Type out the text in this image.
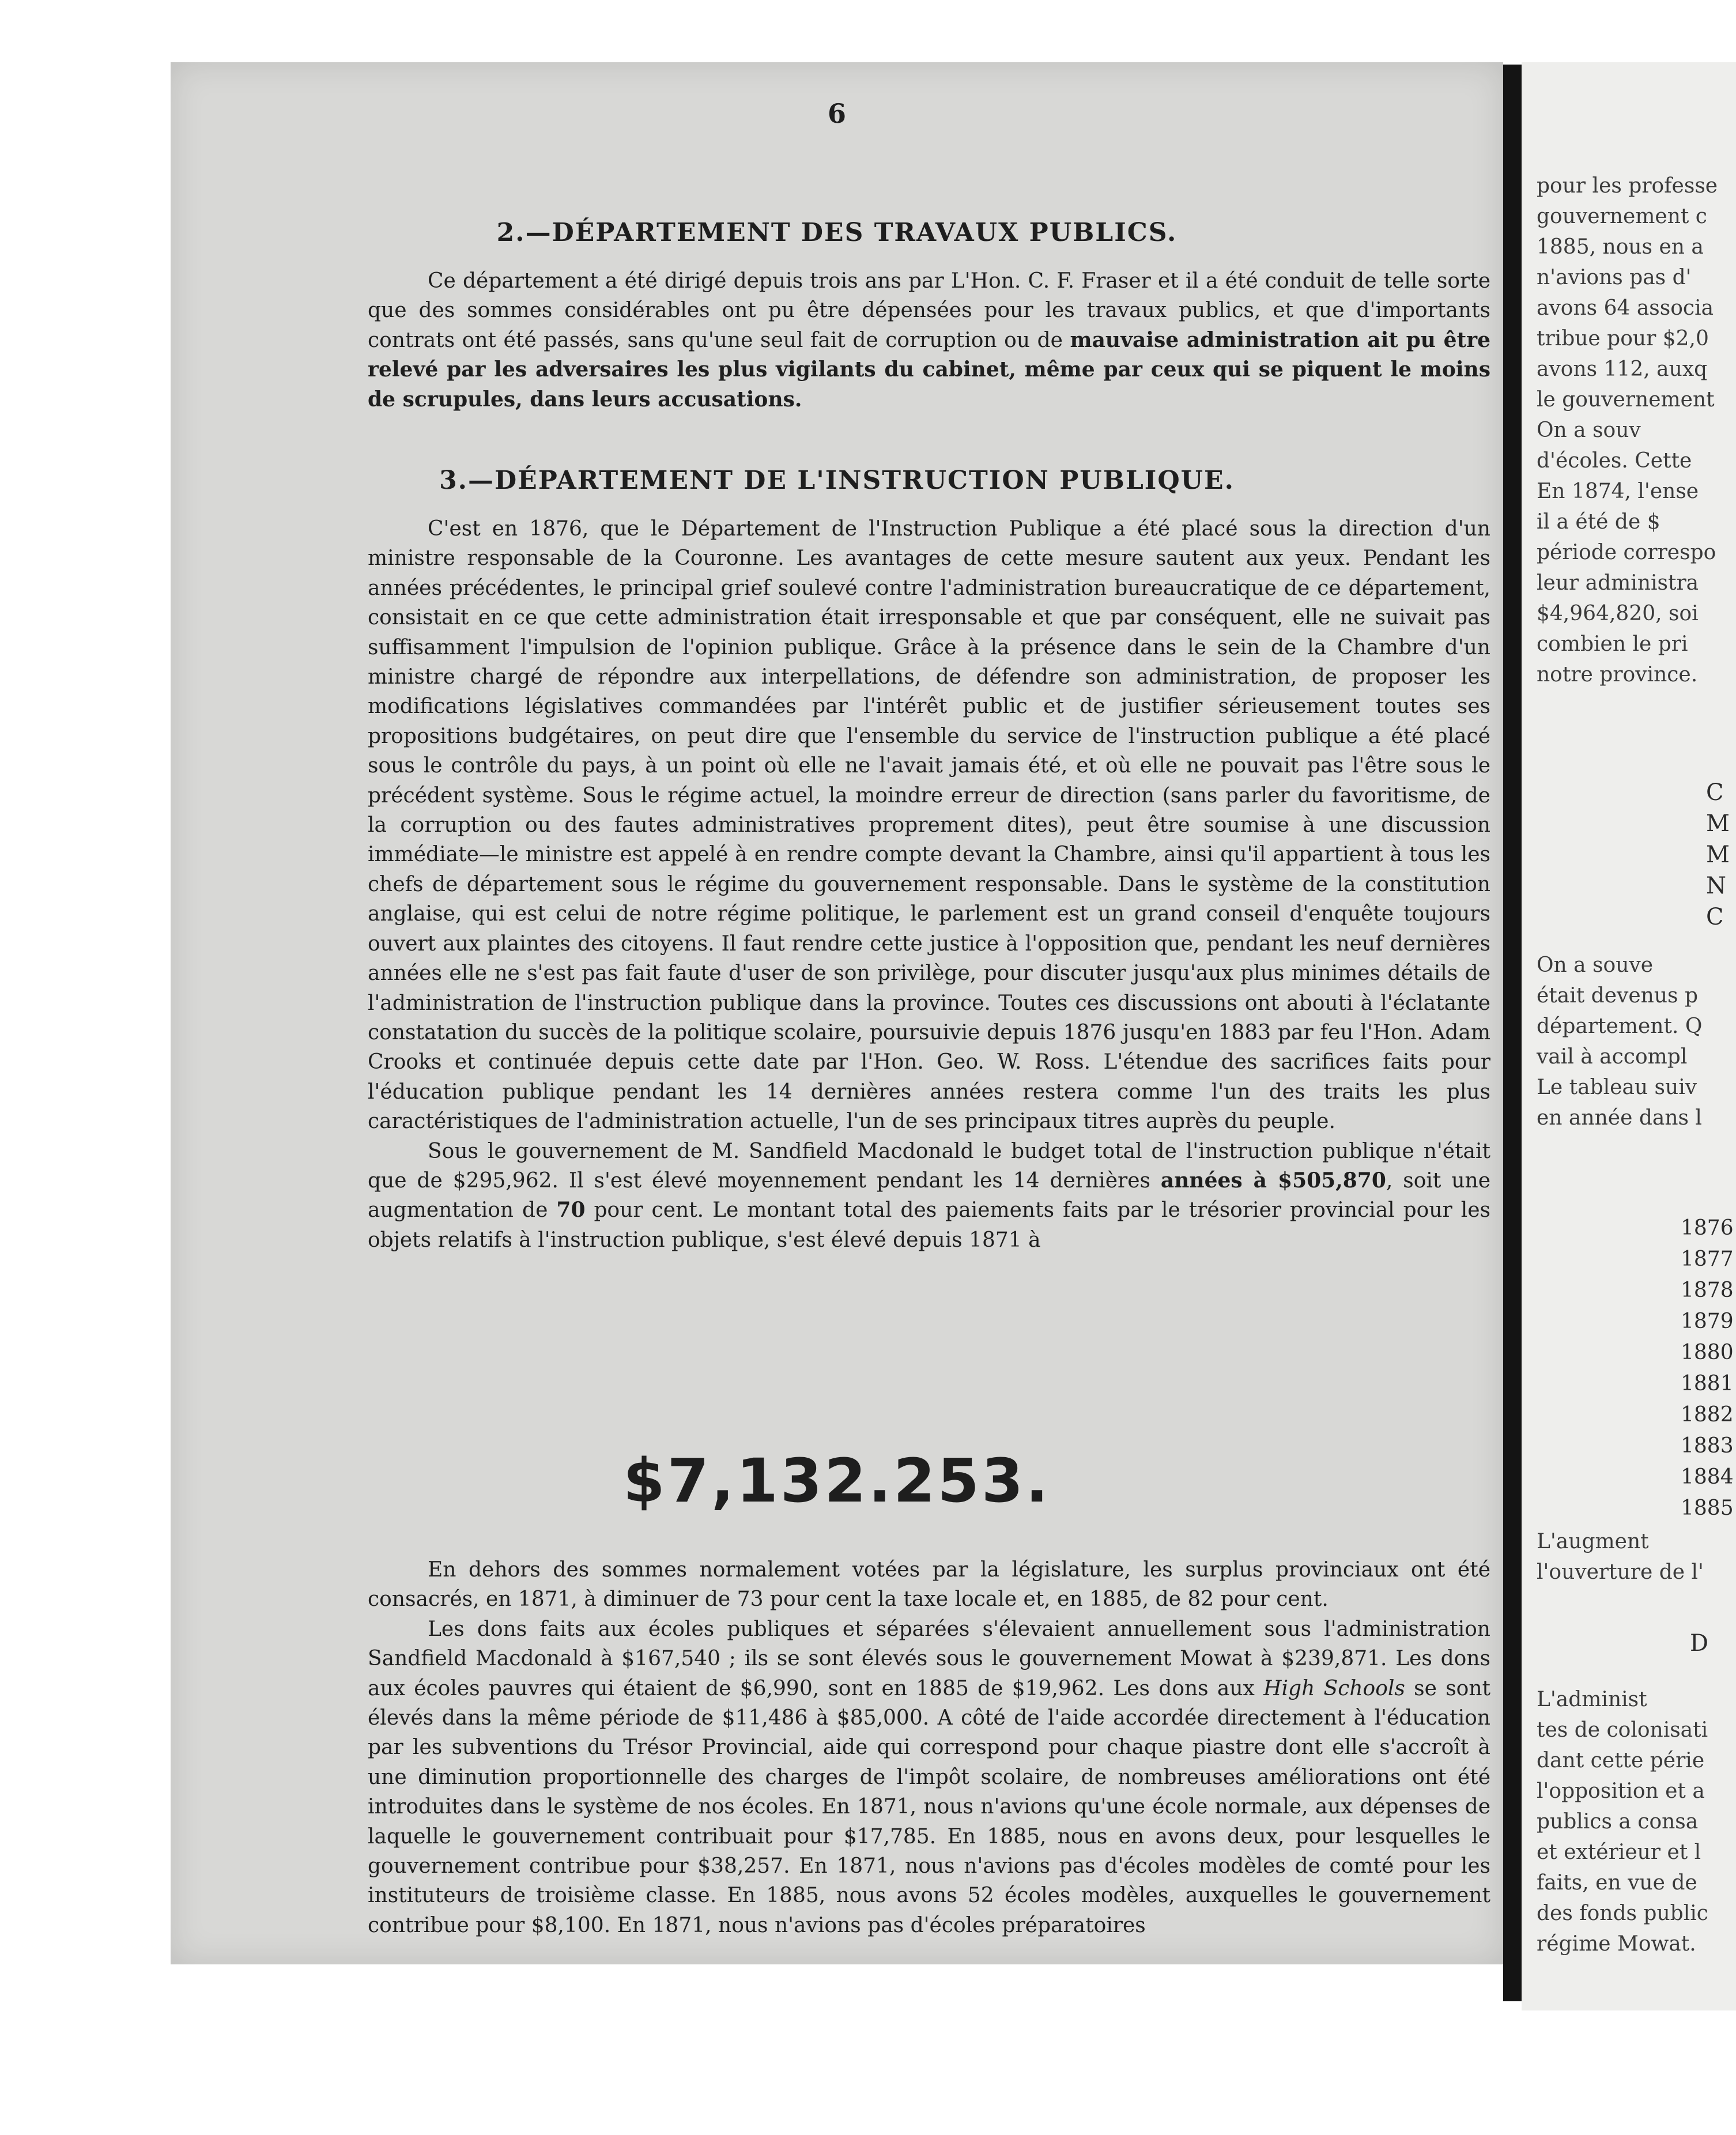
6
2.—DÉPARTEMENT DES TRAVAUX PUBLICS.

Ce département a été dirigé depuis trois ans par L'Hon. C. F. Fraser et il a été conduit de telle sorte que des sommes considérables ont pu être dépensées pour les travaux publics, et que d'importants contrats ont été passés, sans qu'une seul fait de corruption ou de mauvaise administration ait pu être relevé par les adversaires les plus vigilants du cabinet, même par ceux qui se piquent le moins de scrupules, dans leurs accusations.

3.—DÉPARTEMENT DE L'INSTRUCTION PUBLIQUE.

C'est en 1876, que le Département de l'Instruction Publique a été placé sous la direction d'un ministre responsable de la Couronne. Les avantages de cette mesure sautent aux yeux. Pendant les années précédentes, le principal grief soulevé contre l'administration bureaucratique de ce département, consistait en ce que cette administration était irresponsable et que par conséquent, elle ne suivait pas suffisamment l'impulsion de l'opinion publique. Grâce à la présence dans le sein de la Chambre d'un ministre chargé de répondre aux interpellations, de défendre son administration, de proposer les modifications législatives commandées par l'intérêt public et de justifier sérieusement toutes ses propositions budgétaires, on peut dire que l'ensemble du service de l'instruction publique a été placé sous le contrôle du pays, à un point où elle ne l'avait jamais été, et où elle ne pouvait pas l'être sous le précédent système. Sous le régime actuel, la moindre erreur de direction (sans parler du favoritisme, de la corruption ou des fautes administratives proprement dites), peut être soumise à une discussion immédiate—le ministre est appelé à en rendre compte devant la Chambre, ainsi qu'il appartient à tous les chefs de département sous le régime du gouvernement responsable. Dans le système de la constitution anglaise, qui est celui de notre régime politique, le parlement est un grand conseil d'enquête toujours ouvert aux plaintes des citoyens. Il faut rendre cette justice à l'opposition que, pendant les neuf dernières années elle ne s'est pas fait faute d'user de son privilège, pour discuter jusqu'aux plus minimes détails de l'administration de l'instruction publique dans la province. Toutes ces discussions ont abouti à l'éclatante constatation du succès de la politique scolaire, poursuivie depuis 1876 jusqu'en 1883 par feu l'Hon. Adam Crooks et continuée depuis cette date par l'Hon. Geo. W. Ross. L'étendue des sacrifices faits pour l'éducation publique pendant les 14 dernières années restera comme l'un des traits les plus caractéristiques de l'administration actuelle, l'un de ses principaux titres auprès du peuple.

Sous le gouvernement de M. Sandfield Macdonald le budget total de l'instruction publique n'était que de $295,962. Il s'est élevé moyennement pendant les 14 dernières années à $505,870, soit une augmentation de 70 pour cent. Le montant total des paiements faits par le trésorier provincial pour les objets relatifs à l'instruction publique, s'est élevé depuis 1871 à

$7,132.253.

En dehors des sommes normalement votées par la législature, les surplus provinciaux ont été consacrés, en 1871, à diminuer de 73 pour cent la taxe locale et, en 1885, de 82 pour cent.

Les dons faits aux écoles publiques et séparées s'élevaient annuellement sous l'administration Sandfield Macdonald à $167,540 ; ils se sont élevés sous le gouvernement Mowat à $239,871. Les dons aux écoles pauvres qui étaient de $6,990, sont en 1885 de $19,962. Les dons aux High Schools se sont élevés dans la même période de $11,486 à $85,000. A côté de l'aide accordée directement à l'éducation par les subventions du Trésor Provincial, aide qui correspond pour chaque piastre dont elle s'accroît à une diminution proportionnelle des charges de l'impôt scolaire, de nombreuses améliorations ont été introduites dans le système de nos écoles. En 1871, nous n'avions qu'une école normale, aux dépenses de laquelle le gouvernement contribuait pour $17,785. En 1885, nous en avons deux, pour lesquelles le gouvernement contribue pour $38,257. En 1871, nous n'avions pas d'écoles modèles de comté pour les instituteurs de troisième classe. En 1885, nous avons 52 écoles modèles, auxquelles le gouvernement contribue pour $8,100. En 1871, nous n'avions pas d'écoles préparatoires

pour les professe
gouvernement c
1885, nous en a
n'avions pas d'
avons 64 associa
tribue pour $2,0
avons 112, auxq
le gouvernement
On a souv
d'écoles. Cette
En 1874, l'ense
il a été de $
période correspo
leur administra
$4,964,820, soi
combien le pri
notre province.
C
M
M
N
C
On a souve
était devenus p
département. Q
vail à accompl
Le tableau suiv
en année dans l
1876
1877
1878
1879
1880
1881
1882
1883
1884
1885
L'augment
l'ouverture de l'
D
L'administ
tes de colonisati
dant cette périe
l'opposition et a
publics a consa
et extérieur et l
faits, en vue de
des fonds public
régime Mowat.
